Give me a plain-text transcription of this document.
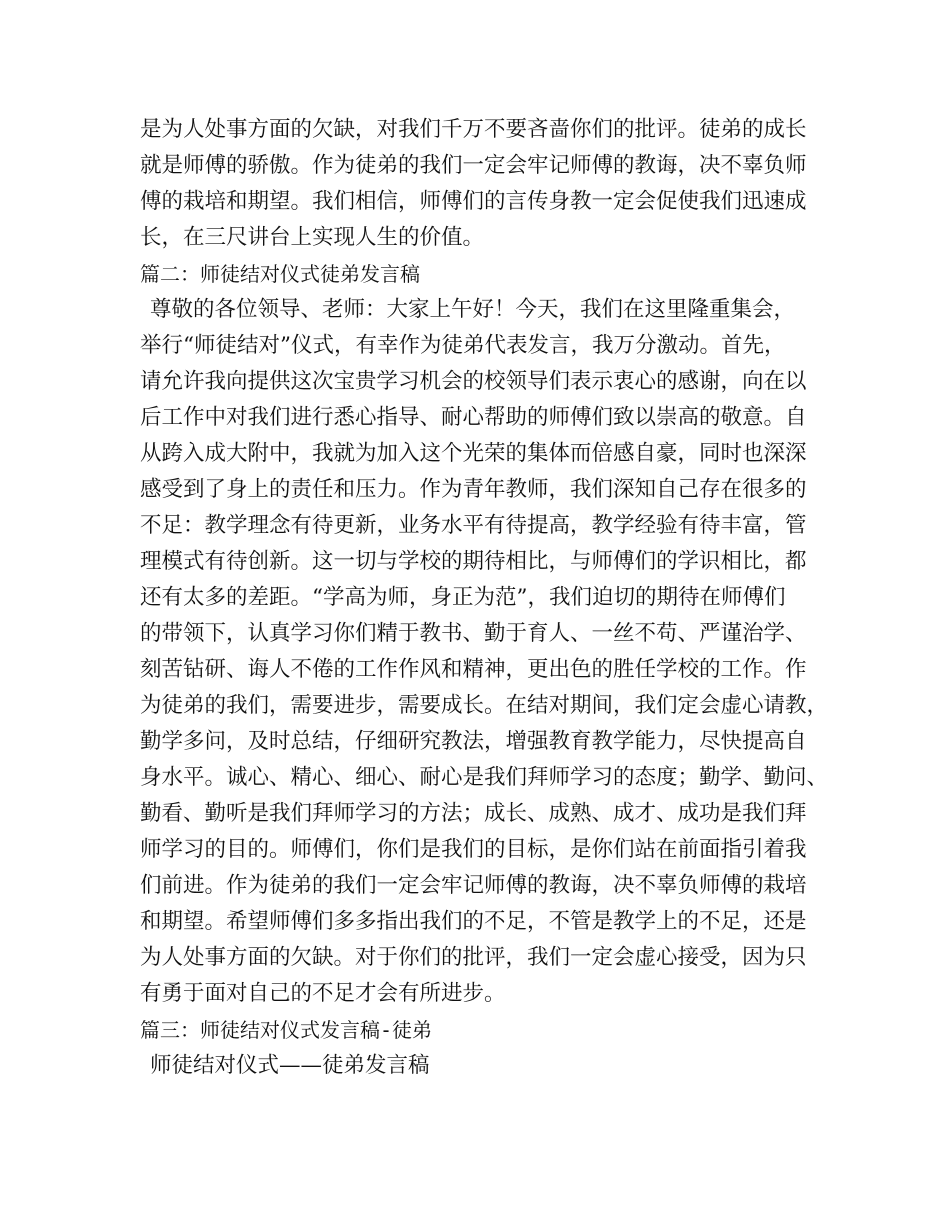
是为人处事方面的欠缺，对我们千万不要吝啬你们的批评。徒弟的成长
就是师傅的骄傲。作为徒弟的我们一定会牢记师傅的教诲，决不辜负师
傅的栽培和期望。我们相信，师傅们的言传身教一定会促使我们迅速成
长，在三尺讲台上实现人生的价值。
篇二：师徒结对仪式徒弟发言稿
尊敬的各位领导、老师：大家上午好！今天，我们在这里隆重集会，
举行“师徒结对”仪式，有幸作为徒弟代表发言，我万分激动。首先，
请允许我向提供这次宝贵学习机会的校领导们表示衷心的感谢，向在以
后工作中对我们进行悉心指导、耐心帮助的师傅们致以崇高的敬意。自
从跨入成大附中，我就为加入这个光荣的集体而倍感自豪，同时也深深
感受到了身上的责任和压力。作为青年教师，我们深知自己存在很多的
不足：教学理念有待更新，业务水平有待提高，教学经验有待丰富，管
理模式有待创新。这一切与学校的期待相比，与师傅们的学识相比，都
还有太多的差距。“学高为师，身正为范”，我们迫切的期待在师傅们
的带领下，认真学习你们精于教书、勤于育人、一丝不苟、严谨治学、
刻苦钻研、诲人不倦的工作作风和精神，更出色的胜任学校的工作。作
为徒弟的我们，需要进步，需要成长。在结对期间，我们定会虚心请教，
勤学多问，及时总结，仔细研究教法，增强教育教学能力，尽快提高自
身水平。诚心、精心、细心、耐心是我们拜师学习的态度；勤学、勤问、
勤看、勤听是我们拜师学习的方法；成长、成熟、成才、成功是我们拜
师学习的目的。师傅们，你们是我们的目标，是你们站在前面指引着我
们前进。作为徒弟的我们一定会牢记师傅的教诲，决不辜负师傅的栽培
和期望。希望师傅们多多指出我们的不足，不管是教学上的不足，还是
为人处事方面的欠缺。对于你们的批评，我们一定会虚心接受，因为只
有勇于面对自己的不足才会有所进步。
篇三：师徒结对仪式发言稿-徒弟
师徒结对仪式——徒弟发言稿
